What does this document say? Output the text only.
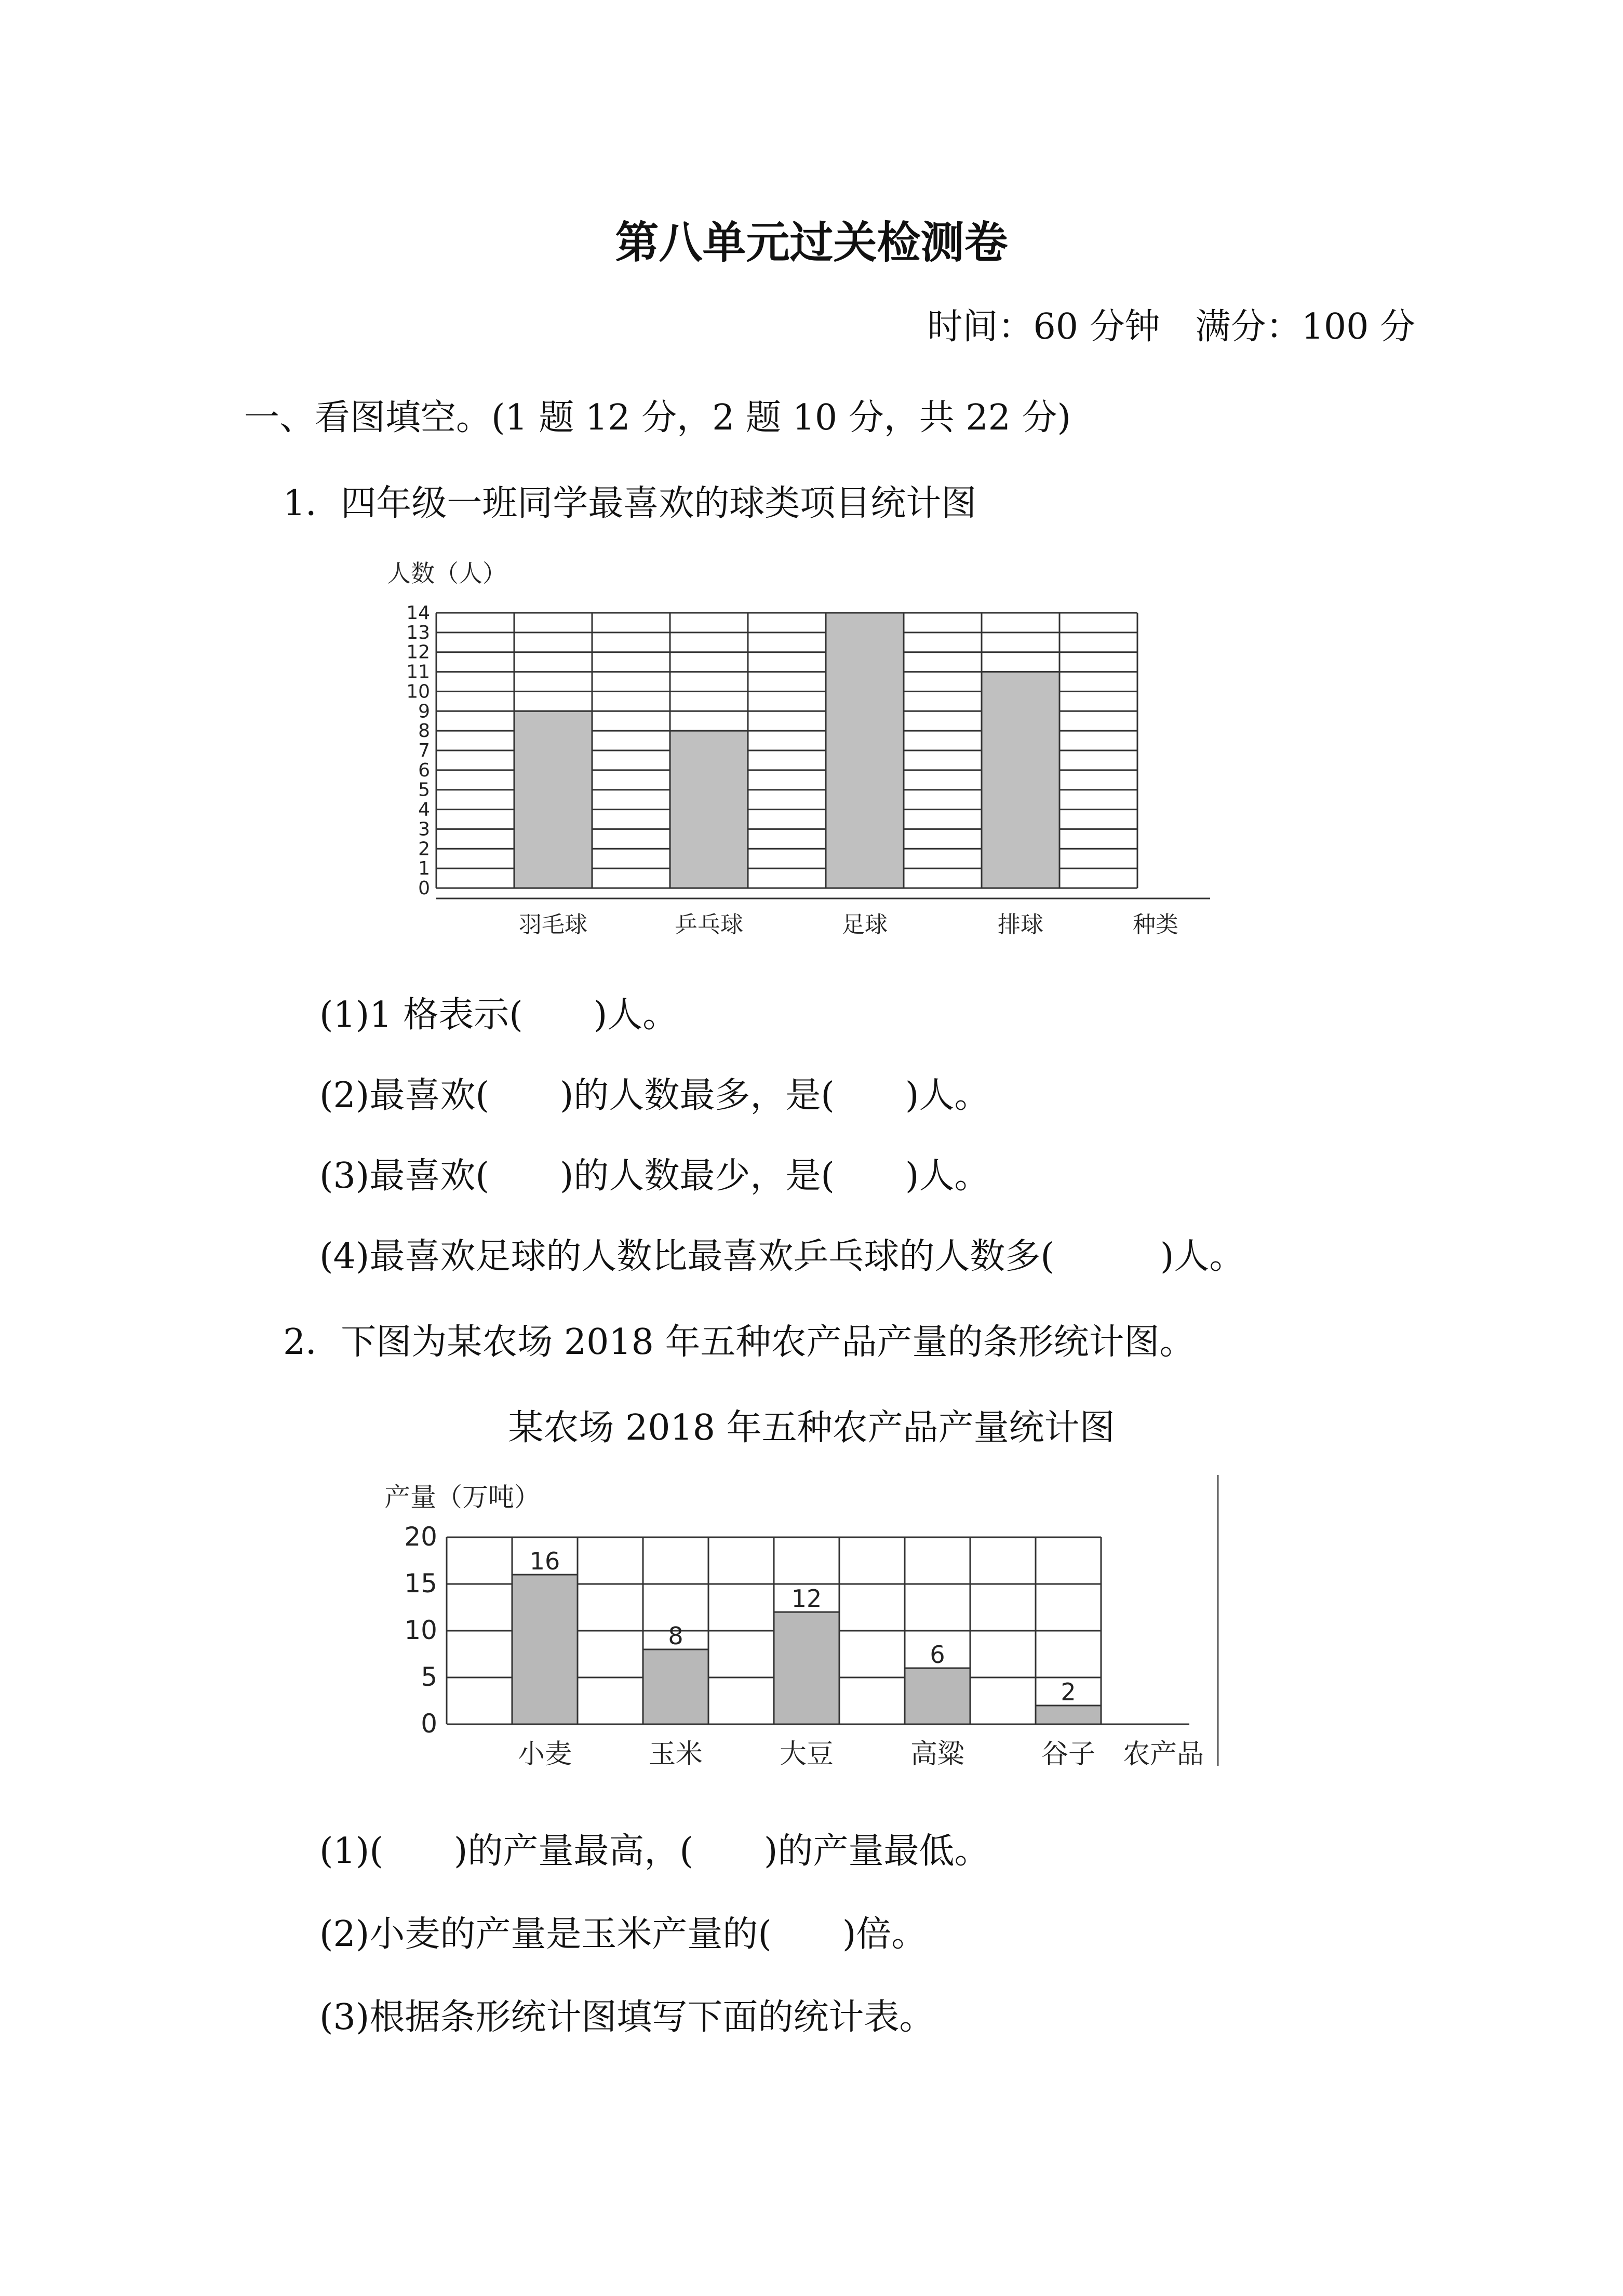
第八单元过关检测卷
时间：60 分钟　满分：100 分
一、看图填空。(1 题 12 分，2 题 10 分，共 22 分)
1．四年级一班同学最喜欢的球类项目统计图
人数（人）
0
1
2
3
4
5
6
7
8
9
10
11
12
13
14
羽毛球	乒乓球	足球	排球	种类
(1)1 格表示(　　)人。
(2)最喜欢(　　)的人数最多，是(　　)人。
(3)最喜欢(　　)的人数最少，是(　　)人。
(4)最喜欢足球的人数比最喜欢乒乓球的人数多(　　　)人。
2．下图为某农场 2018 年五种农产品产量的条形统计图。
某农场 2018 年五种农产品产量统计图
产量（万吨）
0
5
10
15
20
16
小麦
8
玉米
12
大豆
6
高粱
2
谷子 农产品
(1)(　　)的产量最高，(　　)的产量最低。
(2)小麦的产量是玉米产量的(　　)倍。
(3)根据条形统计图填写下面的统计表。
